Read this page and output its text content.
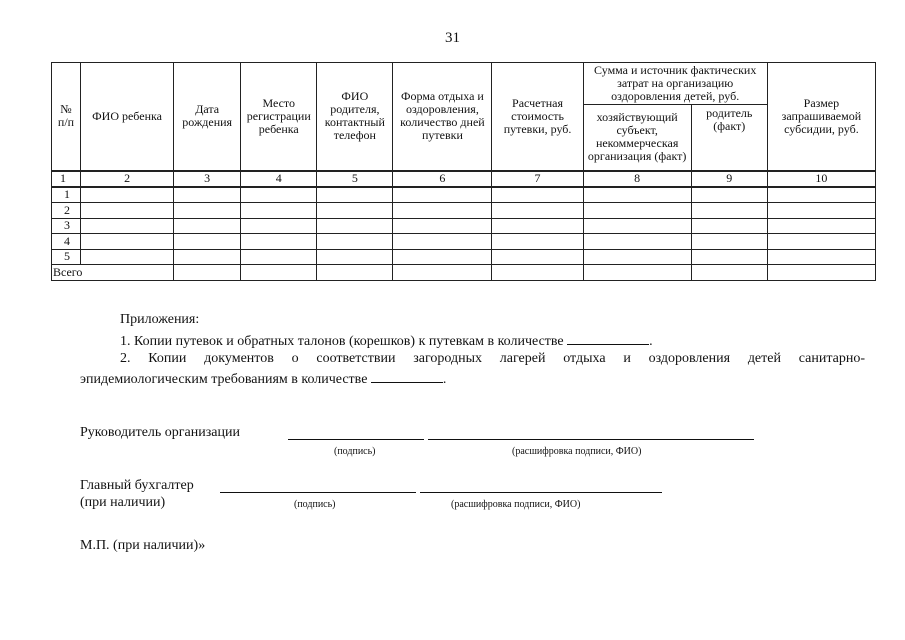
31
№ п/п	ФИО ребенка	Дата рождения	Место регистрации ребенка	ФИО родителя, контактный телефон	Форма отдыха и оздоровления, количество дней путевки	Расчетная стоимость путевки, руб.	Сумма и источник фактических затрат на организацию оздоровления детей, руб.		Размер запрашиваемой субсидии, руб.
							хозяйствующий субъект, некоммерческая организация (факт)	родитель (факт)	
1	2	3	4	5	6	7	8	9	10
1									
2									
3									
4									
5									
Всего									
Приложения:
1. Копии путевок и обратных талонов (корешков) к путевкам в количестве	.
2. Копии документов о соответствии загородных лагерей отдыха и оздоровления детей санитарно-
эпидемиологическим требованиям в количестве	.
Руководитель организации
(подпись)	(расшифровка подписи, ФИО)
Главный бухгалтер
(при наличии)	(подпись)	(расшифровка подписи, ФИО)
М.П. (при наличии)»
